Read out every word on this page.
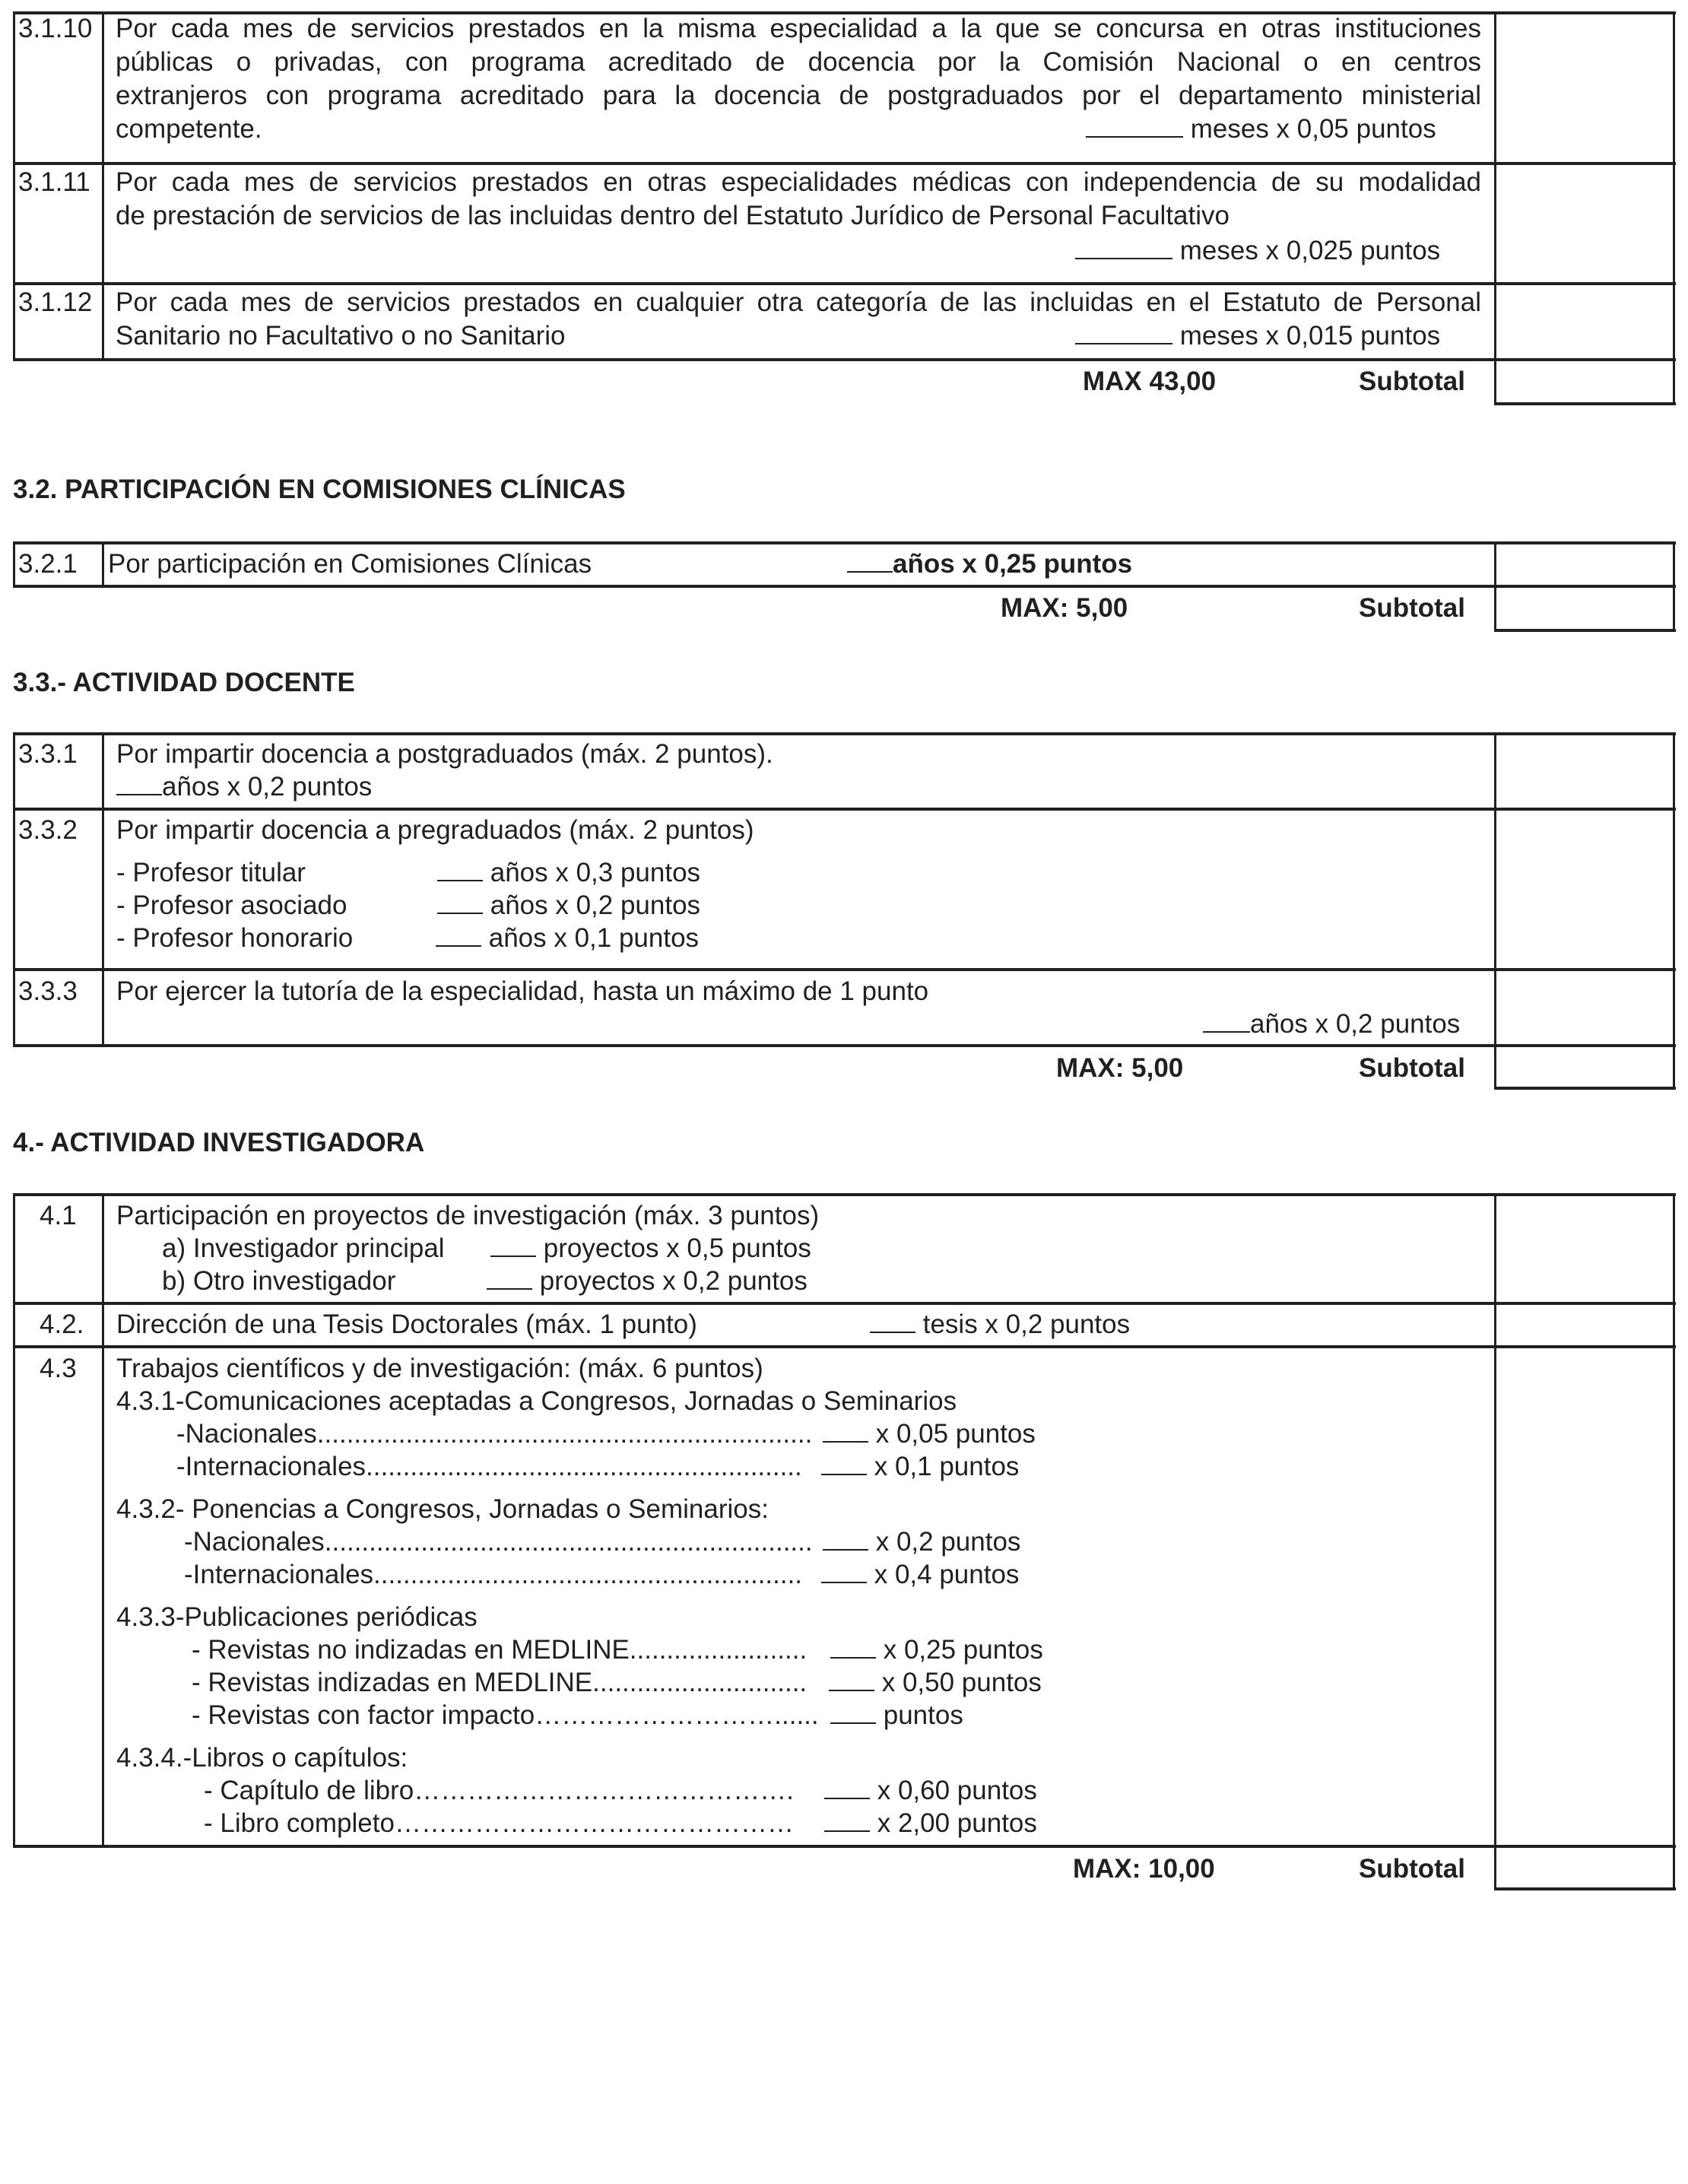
3.1.10 Por cada mes de servicios prestados en la misma especialidad a la que se concursa en otras instituciones
públicas o privadas, con programa acreditado de docencia por la Comisión Nacional o en centros
extranjeros con programa acreditado para la docencia de postgraduados por el departamento ministerial
competente.	meses x 0,05 puntos
3.1.11 Por cada mes de servicios prestados en otras especialidades médicas con independencia de su modalidad
de prestación de servicios de las incluidas dentro del Estatuto Jurídico de Personal Facultativo
meses x 0,025 puntos
3.1.12 Por cada mes de servicios prestados en cualquier otra categoría de las incluidas en el Estatuto de Personal
Sanitario no Facultativo o no Sanitario	meses x 0,015 puntos
MAX 43,00	Subtotal
3.2. PARTICIPACIÓN EN COMISIONES CLÍNICAS
3.2.1 Por participación en Comisiones Clínicas	años x 0,25 puntos
MAX: 5,00	Subtotal
3.3.- ACTIVIDAD DOCENTE
3.3.1 Por impartir docencia a postgraduados (máx. 2 puntos).
años x 0,2 puntos
3.3.2 Por impartir docencia a pregraduados (máx. 2 puntos)
- Profesor titular	años x 0,3 puntos
- Profesor asociado	años x 0,2 puntos
- Profesor honorario	años x 0,1 puntos
3.3.3 Por ejercer la tutoría de la especialidad, hasta un máximo de 1 punto
años x 0,2 puntos
MAX: 5,00	Subtotal
4.- ACTIVIDAD INVESTIGADORA
4.1 Participación en proyectos de investigación (máx. 3 puntos)
a) Investigador principal	proyectos x 0,5 puntos
b) Otro investigador	proyectos x 0,2 puntos
4.2. Dirección de una Tesis Doctorales (máx. 1 punto)	tesis x 0,2 puntos
4.3 Trabajos científicos y de investigación: (máx. 6 puntos)
4.3.1-Comunicaciones aceptadas a Congresos, Jornadas o Seminarios
-Nacionales...................................................................	x 0,05 puntos
-Internacionales...........................................................	x 0,1 puntos
4.3.2- Ponencias a Congresos, Jornadas o Seminarios:
-Nacionales..................................................................	x 0,2 puntos
-Internacionales..........................................................	x 0,4 puntos
4.3.3-Publicaciones periódicas
- Revistas no indizadas en MEDLINE........................	x 0,25 puntos
- Revistas indizadas en MEDLINE.............................	x 0,50 puntos
- Revistas con factor impacto………………………......	puntos
4.3.4.-Libros o capítulos:
- Capítulo de libro…………………………………….	x 0,60 puntos
- Libro completo………………………………………	x 2,00 puntos
MAX: 10,00	Subtotal
